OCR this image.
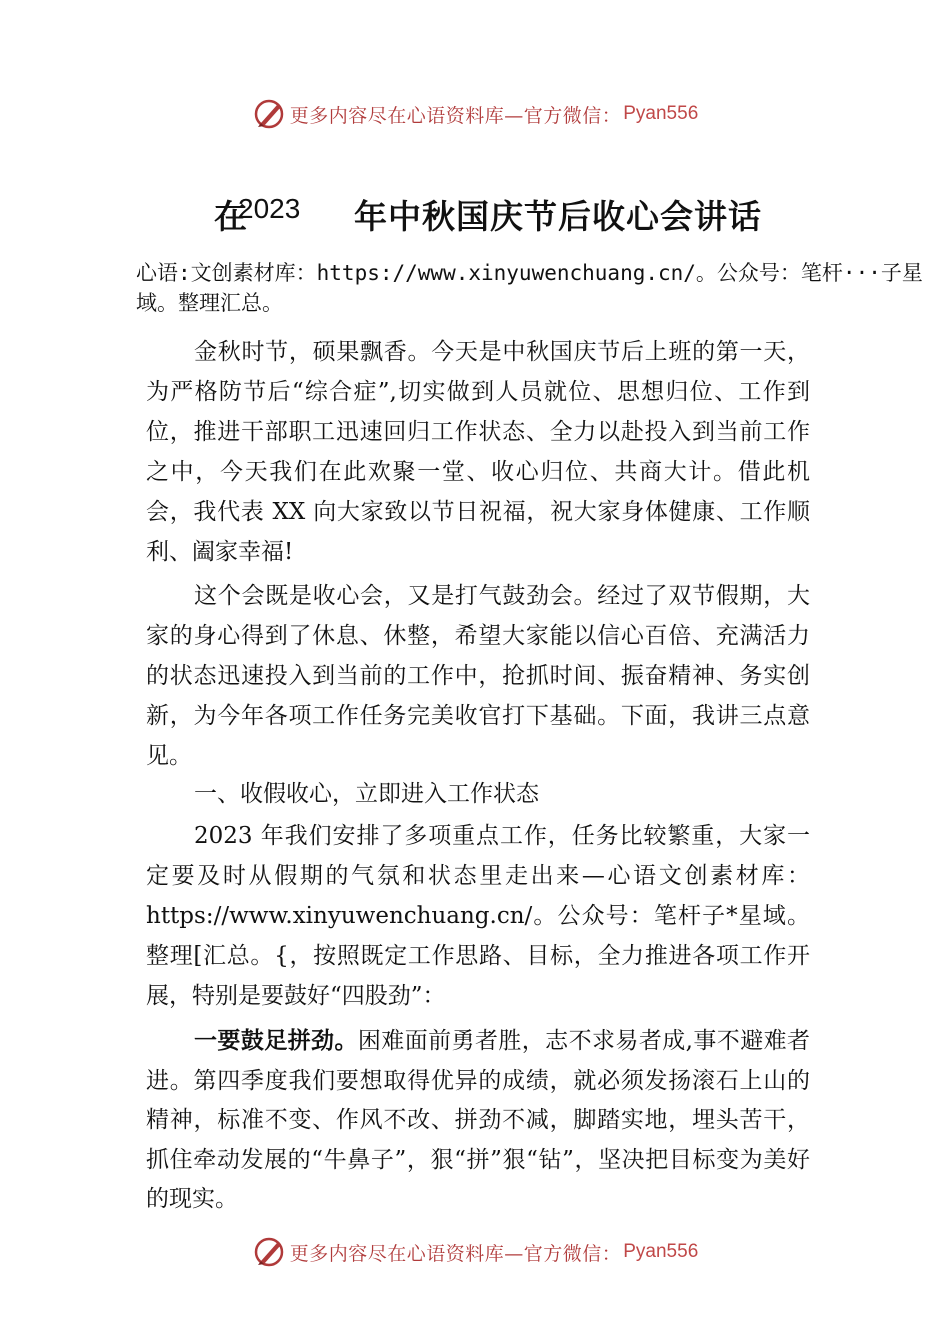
更多内容尽在心语资料库—官方微信： Pyan556
在
2023 年中秋国庆节后收心会讲话
心语:文创素材库：https://www.xinyuwenchuang.cn/。公众号：笔杆···子星域。整理汇总。

金秋时节，硕果飘香。今天是中秋国庆节后上班的第一天，为严格防节后“综合症”,切实做到人员就位、思想归位、工作到位，推进干部职工迅速回归工作状态、全力以赴投入到当前工作之中，今天我们在此欢聚一堂、收心归位、共商大计。借此机会，我代表 XX 向大家致以节日祝福，祝大家身体健康、工作顺利、阖家幸福!

这个会既是收心会，又是打气鼓劲会。经过了双节假期，大家的身心得到了休息、休整，希望大家能以信心百倍、充满活力的状态迅速投入到当前的工作中，抢抓时间、振奋精神、务实创新，为今年各项工作任务完美收官打下基础。下面，我讲三点意见。

一、收假收心，立即进入工作状态

2023 年我们安排了多项重点工作，任务比较繁重，大家一定要及时从假期的气氛和状态里走出来—心语文创素材库：https://www.xinyuwenchuang.cn/。公众号：笔杆子*星域。整理[汇总。{，按照既定工作思路、目标，全力推进各项工作开展，特别是要鼓好“四股劲”：

一要鼓足拼劲。困难面前勇者胜，志不求易者成,事不避难者进。第四季度我们要想取得优异的成绩，就必须发扬滚石上山的精神，标准不变、作风不改、拼劲不减，脚踏实地，埋头苦干，抓住牵动发展的“牛鼻子”，狠“拼”狠“钻”，坚决把目标变为美好的现实。

更多内容尽在心语资料库—官方微信： Pyan556
